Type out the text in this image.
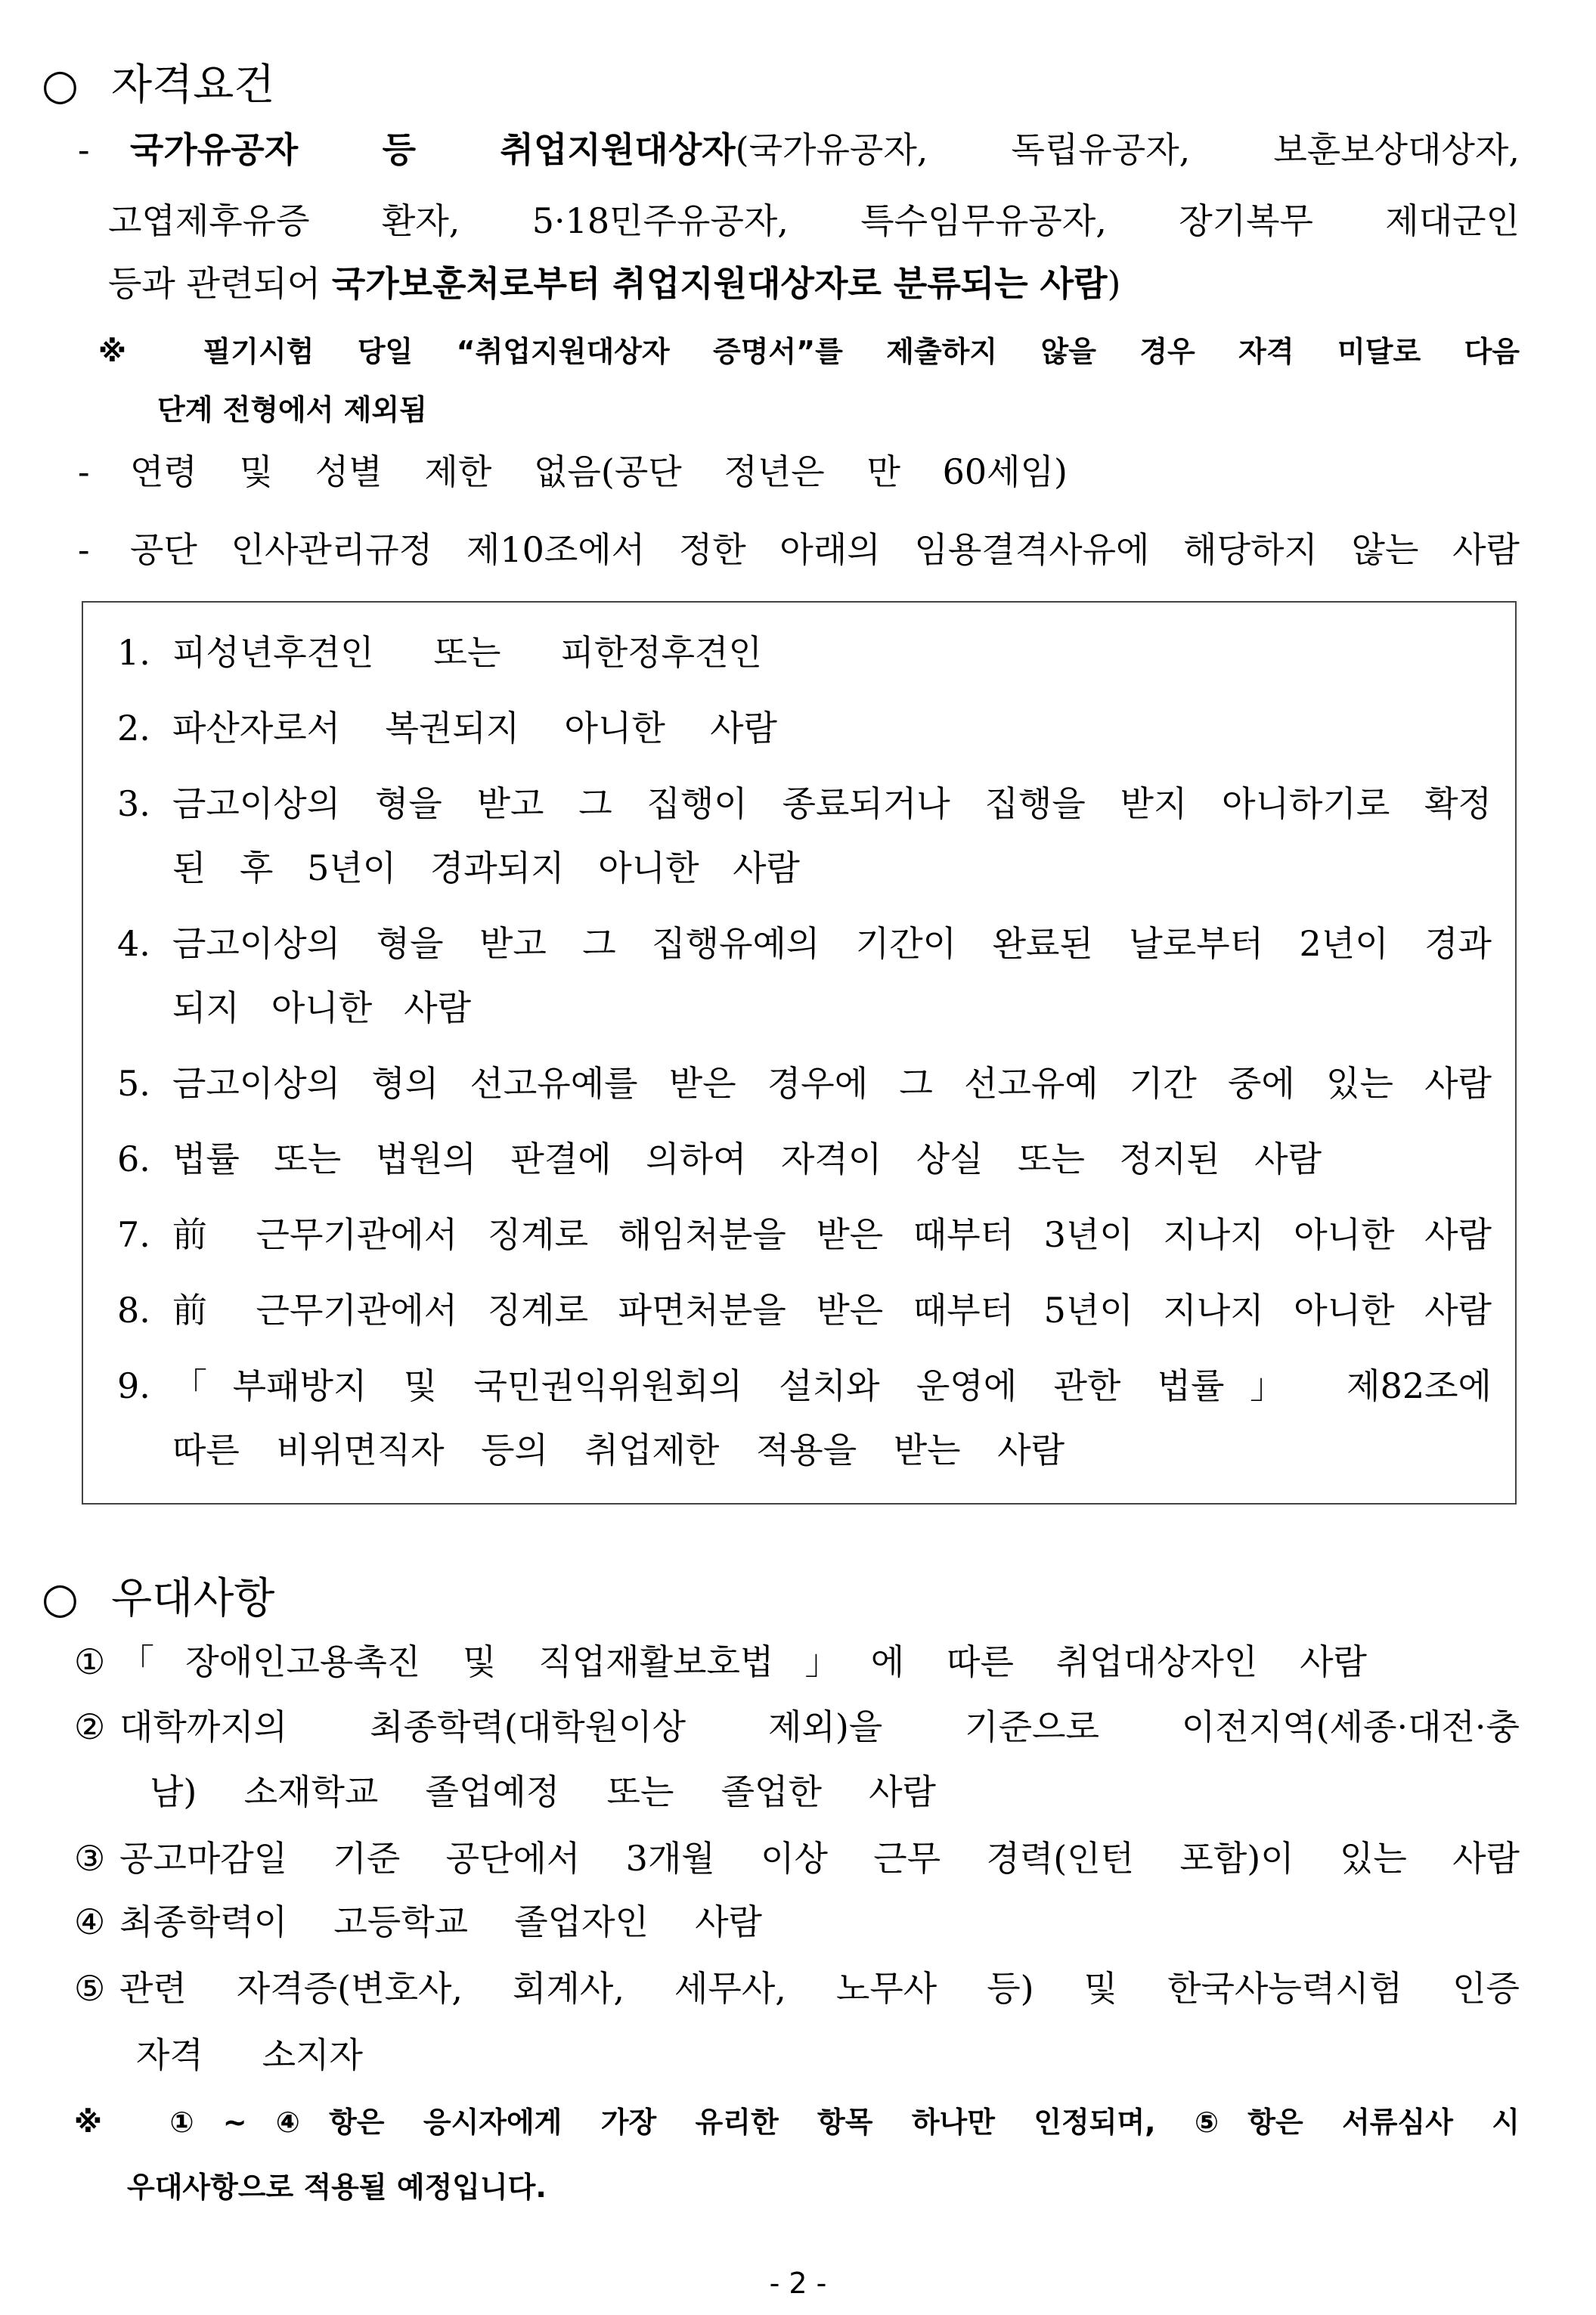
○ 자격요건
- 국가유공자 등 취업지원대상자(국가유공자, 독립유공자, 보훈보상대상자,
고엽제후유증 환자, 5·18민주유공자, 특수임무유공자, 장기복무 제대군인
등과 관련되어 국가보훈처로부터 취업지원대상자로 분류되는 사람)
※ 필기시험 당일 “취업지원대상자 증명서”를 제출하지 않을 경우 자격 미달로 다음
단계 전형에서 제외됨
- 연령 및 성별 제한 없음(공단 정년은 만 60세임)
- 공단 인사관리규정 제10조에서 정한 아래의 임용결격사유에 해당하지 않는 사람
1. 피성년후견인 또는 피한정후견인
2. 파산자로서 복권되지 아니한 사람
3. 금고이상의 형을 받고 그 집행이 종료되거나 집행을 받지 아니하기로 확정
된 후 5년이 경과되지 아니한 사람
4. 금고이상의 형을 받고 그 집행유예의 기간이 완료된 날로부터 2년이 경과
되지 아니한 사람
5. 금고이상의 형의 선고유예를 받은 경우에 그 선고유예 기간 중에 있는 사람
6. 법률 또는 법원의 판결에 의하여 자격이 상실 또는 정지된 사람
7. 前 근무기관에서 징계로 해임처분을 받은 때부터 3년이 지나지 아니한 사람
8. 前 근무기관에서 징계로 파면처분을 받은 때부터 5년이 지나지 아니한 사람
9. 「부패방지 및 국민권익위원회의 설치와 운영에 관한 법률」 제82조에
따른 비위면직자 등의 취업제한 적용을 받는 사람
○ 우대사항
① 「장애인고용촉진 및 직업재활보호법」에 따른 취업대상자인 사람
② 대학까지의 최종학력(대학원이상 제외)을 기준으로 이전지역(세종·대전·충
남) 소재학교 졸업예정 또는 졸업한 사람
③ 공고마감일 기준 공단에서 3개월 이상 근무 경력(인턴 포함)이 있는 사람
④ 최종학력이 고등학교 졸업자인 사람
⑤ 관련 자격증(변호사, 회계사, 세무사, 노무사 등) 및 한국사능력시험 인증
자격 소지자
※ ①~④항은 응시자에게 가장 유리한 항목 하나만 인정되며, ⑤항은 서류심사 시
우대사항으로 적용될 예정입니다.
- 2 -
